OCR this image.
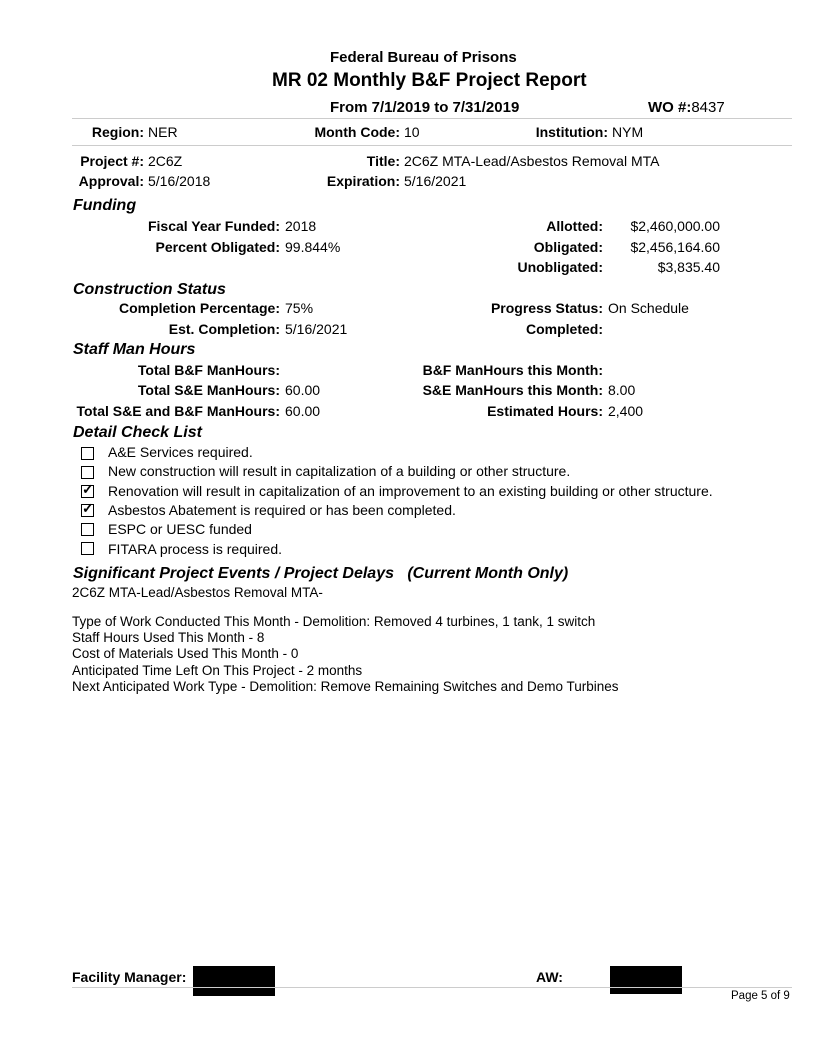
Federal Bureau of Prisons
MR 02 Monthly B&F Project Report
From 7/1/2019 to 7/31/2019	WO #:8437
Region: NER	Month Code: 10	Institution: NYM
Project #: 2C6Z	Title: 2C6Z MTA-Lead/Asbestos Removal MTA
Approval: 5/16/2018	Expiration: 5/16/2021
Funding
Fiscal Year Funded: 2018
Percent Obligated: 99.844%
Allotted:	$2,460,000.00
Obligated:	$2,456,164.60
Unobligated:	$3,835.40
Construction Status
Completion Percentage: 75%
Est. Completion: 5/16/2021
Progress Status: On Schedule
Completed:
Staff Man Hours
Total B&F ManHours:
Total S&E ManHours: 60.00
Total S&E and B&F ManHours: 60.00
B&F ManHours this Month:
S&E ManHours this Month: 8.00
Estimated Hours: 2,400
Detail Check List
A&E Services required.
New construction will result in capitalization of a building or other structure.
✓ Renovation will result in capitalization of an improvement to an existing building or other structure.
✓ Asbestos Abatement is required or has been completed.
ESPC or UESC funded
FITARA process is required.
Significant Project Events / Project Delays (Current Month Only)
2C6Z MTA-Lead/Asbestos Removal MTA-
Type of Work Conducted This Month - Demolition: Removed 4 turbines, 1 tank, 1 switch
Staff Hours Used This Month - 8
Cost of Materials Used This Month - 0
Anticipated Time Left On This Project - 2 months
Next Anticipated Work Type - Demolition: Remove Remaining Switches and Demo Turbines
Facility Manager:	AW:
Page 5 of 9
